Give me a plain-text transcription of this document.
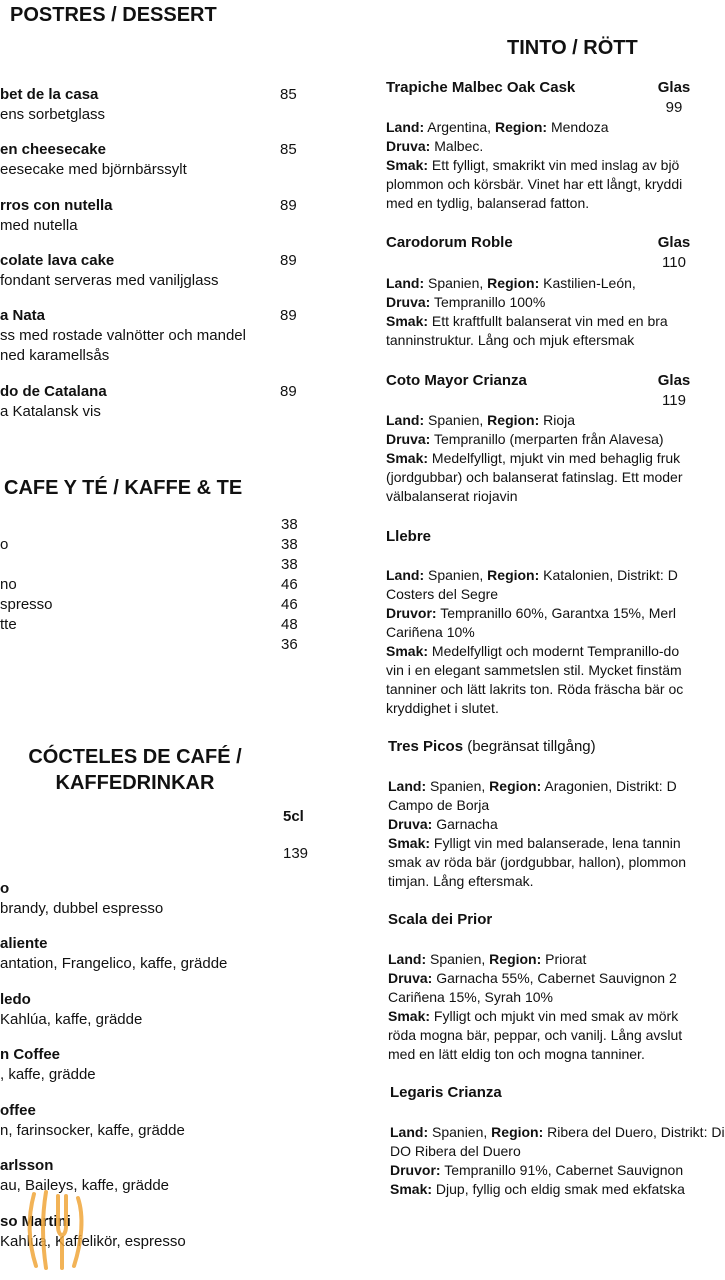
POSTRES / DESSERT
bet de la casa	85
ens sorbetglass
en cheesecake	85
eesecake med björnbärssylt
rros con nutella	89
med nutella
colate lava cake	89
fondant serveras med vaniljglass
a Nata	89
ss med rostade valnötter och mandel
ned karamellsås
do de Catalana	89
a Katalansk vis
CAFE Y TÉ / KAFFE & TE
38
o	38
38
no	46
spresso	46
tte	48
36
CÓCTELES DE CAFÉ /
KAFFEDRINKAR
5cl
139
o
brandy, dubbel espresso
aliente
antation, Frangelico, kaffe, grädde
ledo
Kahlúa, kaffe, grädde
n Coffee
, kaffe, grädde
offee
n, farinsocker, kaffe, grädde
arlsson
au, Baileys, kaffe, grädde
so Martini
Kahlúa, Kaffelikör, espresso
TINTO / RÖTT
Trapiche Malbec Oak Cask	Glas
99
Land: Argentina, Region: Mendoza
Druva: Malbec.
Smak: Ett fylligt, smakrikt vin med inslag av bjö
plommon och körsbär. Vinet har ett långt, kryddi
med en tydlig, balanserad fatton.
Carodorum Roble	Glas
110
Land: Spanien, Region: Kastilien-León,
Druva: Tempranillo 100%
Smak: Ett kraftfullt balanserat vin med en bra
tanninstruktur. Lång och mjuk eftersmak
Coto Mayor Crianza	Glas
119
Land: Spanien, Region: Rioja
Druva: Tempranillo (merparten från Alavesa)
Smak: Medelfylligt, mjukt vin med behaglig fruk
(jordgubbar) och balanserat fatinslag. Ett moder
välbalanserat riojavin
Llebre
Land: Spanien, Region: Katalonien, Distrikt: D
Costers del Segre
Druvor: Tempranillo 60%, Garantxa 15%, Merl
Cariñena 10%
Smak: Medelfylligt och modernt Tempranillo-do
vin i en elegant sammetslen stil. Mycket finstäm
tanniner och lätt lakrits ton. Röda fräscha bär oc
kryddighet i slutet.
Tres Picos (begränsat tillgång)
Land: Spanien, Region: Aragonien, Distrikt: D
Campo de Borja
Druva: Garnacha
Smak: Fylligt vin med balanserade, lena tannin
smak av röda bär (jordgubbar, hallon), plommon
timjan. Lång eftersmak.
Scala dei Prior
Land: Spanien, Region: Priorat
Druva: Garnacha 55%, Cabernet Sauvignon 2
Cariñena 15%, Syrah 10%
Smak: Fylligt och mjukt vin med smak av mörk
röda mogna bär, peppar, och vanilj. Lång avslut
med en lätt eldig ton och mogna tanniner.
Legaris Crianza
Land: Spanien, Region: Ribera del Duero, Distrikt: Di
DO Ribera del Duero
Druvor: Tempranillo 91%, Cabernet Sauvignon
Smak: Djup, fyllig och eldig smak med ekfatska
